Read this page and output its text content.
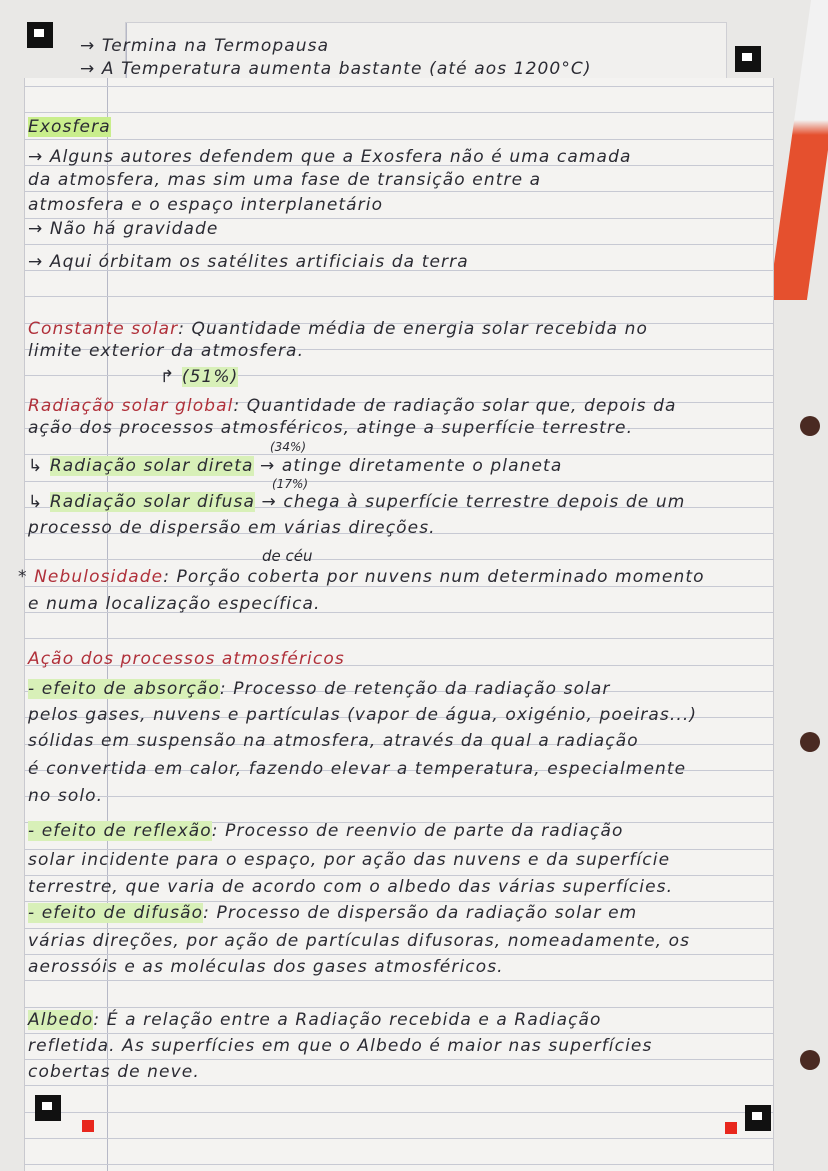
→ Termina na Termopausa
→ A Temperatura aumenta bastante (até aos 1200°C)
Exosfera
→ Alguns autores defendem que a Exosfera não é uma camada
da atmosfera, mas sim uma fase de transição entre a
atmosfera e o espaço interplanetário
→ Não há gravidade
→ Aqui órbitam os satélites artificiais da terra
Constante solar: Quantidade média de energia solar recebida no
limite exterior da atmosfera.
↱ (51%)
Radiação solar global: Quantidade de radiação solar que, depois da
ação dos processos atmosféricos, atinge a superfície terrestre.
↳ Radiação solar direta → atinge diretamente o planeta
↳ Radiação solar difusa → chega à superfície terrestre depois de um
processo de dispersão em várias direções.
* Nebulosidade: Porção coberta por nuvens num determinado momento
e numa localização específica.
Ação dos processos atmosféricos
- efeito de absorção: Processo de retenção da radiação solar
pelos gases, nuvens e partículas (vapor de água, oxigénio, poeiras...)
sólidas em suspensão na atmosfera, através da qual a radiação
é convertida em calor, fazendo elevar a temperatura, especialmente
no solo.
- efeito de reflexão: Processo de reenvio de parte da radiação
solar incidente para o espaço, por ação das nuvens e da superfície
terrestre, que varia de acordo com o albedo das várias superfícies.
- efeito de difusão: Processo de dispersão da radiação solar em
várias direções, por ação de partículas difusoras, nomeadamente, os
aerossóis e as moléculas dos gases atmosféricos.
Albedo: É a relação entre a Radiação recebida e a Radiação
refletida. As superfícies em que o Albedo é maior nas superfícies
cobertas de neve.
(34%)
(17%)
de céu
